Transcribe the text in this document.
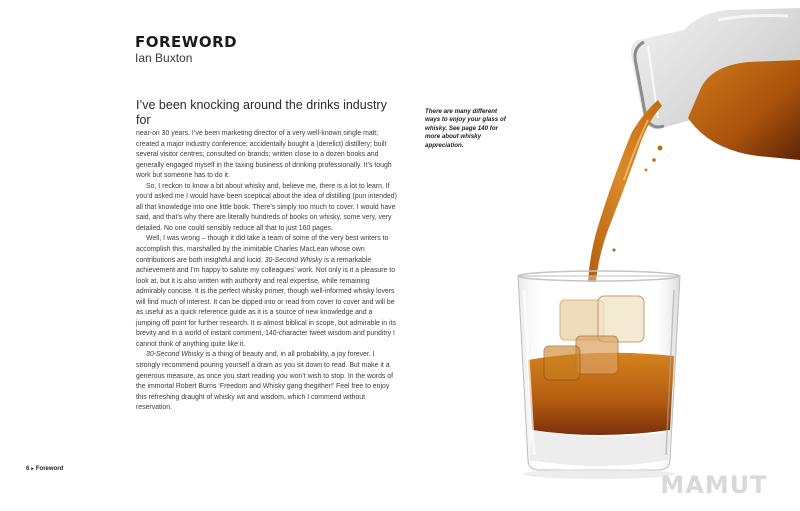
FOREWORD
Ian Buxton
I’ve been knocking around the drinks industry for

near-on 30 years. I’ve been marketing director of a very well-known single malt; created a major industry conference; accidentally bought a (derelict) distillery; built several visitor centres; consulted on brands; written close to a dozen books and generally engaged myself in the taxing business of drinking professionally. It’s tough work but someone has to do it.

So, I reckon to know a bit about whisky and, believe me, there is a lot to learn. If you’d asked me I would have been sceptical about the idea of distilling (pun intended) all that knowledge into one little book. There’s simply too much to cover, I would have said, and that’s why there are literally hundreds of books on whisky, some very, very detailed. No one could sensibly reduce all that to just 160 pages.

Well, I was wrong – though it did take a team of some of the very best writers to accomplish this, marshalled by the inimitable Charles MacLean whose own contributions are both insightful and lucid. 30-Second Whisky is a remarkable achievement and I’m happy to salute my colleagues’ work. Not only is it a pleasure to look at, but it is also written with authority and real expertise, while remaining admirably concise. It is the perfect whisky primer, though well-informed whisky lovers will find much of interest. It can be dipped into or read from cover to cover and will be as useful as a quick reference guide as it is a source of new knowledge and a jumping off point for further research. It is almost biblical in scope, but admirable in its brevity and in a world of instant comment, 140-character tweet wisdom and punditry I cannot think of anything quite like it.

30-Second Whisky is a thing of beauty and, in all probability, a joy forever. I strongly recommend pouring yourself a dram as you sit down to read. But make it a generous measure, as once you start reading you won’t wish to stop. In the words of the immortal Robert Burns ‘Freedom and Whisky gang thegither!’ Feel free to enjoy this refreshing draught of whisky wit and wisdom, which I commend without reservation.

There are many different ways to enjoy your glass of whisky. See page 140 for more about whisky appreciation.
6 ▸ Foreword
MAMUT
